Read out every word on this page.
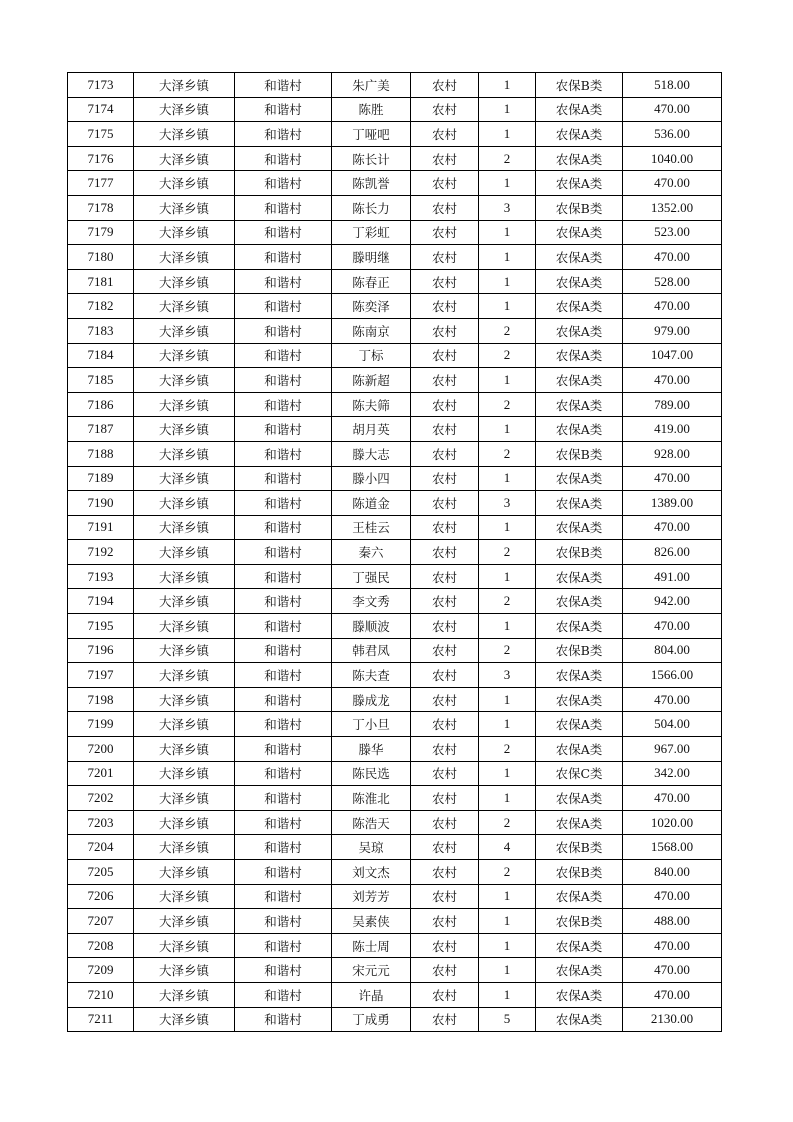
7173	大泽乡镇	和谐村	朱广美	农村	1	农保B类	518.00
7174	大泽乡镇	和谐村	陈胜	农村	1	农保A类	470.00
7175	大泽乡镇	和谐村	丁哑吧	农村	1	农保A类	536.00
7176	大泽乡镇	和谐村	陈长计	农村	2	农保A类	1040.00
7177	大泽乡镇	和谐村	陈凯誉	农村	1	农保A类	470.00
7178	大泽乡镇	和谐村	陈长力	农村	3	农保B类	1352.00
7179	大泽乡镇	和谐村	丁彩虹	农村	1	农保A类	523.00
7180	大泽乡镇	和谐村	滕明继	农村	1	农保A类	470.00
7181	大泽乡镇	和谐村	陈春正	农村	1	农保A类	528.00
7182	大泽乡镇	和谐村	陈奕泽	农村	1	农保A类	470.00
7183	大泽乡镇	和谐村	陈南京	农村	2	农保A类	979.00
7184	大泽乡镇	和谐村	丁标	农村	2	农保A类	1047.00
7185	大泽乡镇	和谐村	陈新超	农村	1	农保A类	470.00
7186	大泽乡镇	和谐村	陈夫筛	农村	2	农保A类	789.00
7187	大泽乡镇	和谐村	胡月英	农村	1	农保A类	419.00
7188	大泽乡镇	和谐村	滕大志	农村	2	农保B类	928.00
7189	大泽乡镇	和谐村	滕小四	农村	1	农保A类	470.00
7190	大泽乡镇	和谐村	陈道金	农村	3	农保A类	1389.00
7191	大泽乡镇	和谐村	王桂云	农村	1	农保A类	470.00
7192	大泽乡镇	和谐村	秦六	农村	2	农保B类	826.00
7193	大泽乡镇	和谐村	丁强民	农村	1	农保A类	491.00
7194	大泽乡镇	和谐村	李文秀	农村	2	农保A类	942.00
7195	大泽乡镇	和谐村	滕顺波	农村	1	农保A类	470.00
7196	大泽乡镇	和谐村	韩君凤	农村	2	农保B类	804.00
7197	大泽乡镇	和谐村	陈夫查	农村	3	农保A类	1566.00
7198	大泽乡镇	和谐村	滕成龙	农村	1	农保A类	470.00
7199	大泽乡镇	和谐村	丁小旦	农村	1	农保A类	504.00
7200	大泽乡镇	和谐村	滕华	农村	2	农保A类	967.00
7201	大泽乡镇	和谐村	陈民选	农村	1	农保C类	342.00
7202	大泽乡镇	和谐村	陈淮北	农村	1	农保A类	470.00
7203	大泽乡镇	和谐村	陈浩天	农村	2	农保A类	1020.00
7204	大泽乡镇	和谐村	吴琼	农村	4	农保B类	1568.00
7205	大泽乡镇	和谐村	刘文杰	农村	2	农保B类	840.00
7206	大泽乡镇	和谐村	刘芳芳	农村	1	农保A类	470.00
7207	大泽乡镇	和谐村	吴素侠	农村	1	农保B类	488.00
7208	大泽乡镇	和谐村	陈士周	农村	1	农保A类	470.00
7209	大泽乡镇	和谐村	宋元元	农村	1	农保A类	470.00
7210	大泽乡镇	和谐村	许晶	农村	1	农保A类	470.00
7211	大泽乡镇	和谐村	丁成勇	农村	5	农保A类	2130.00
